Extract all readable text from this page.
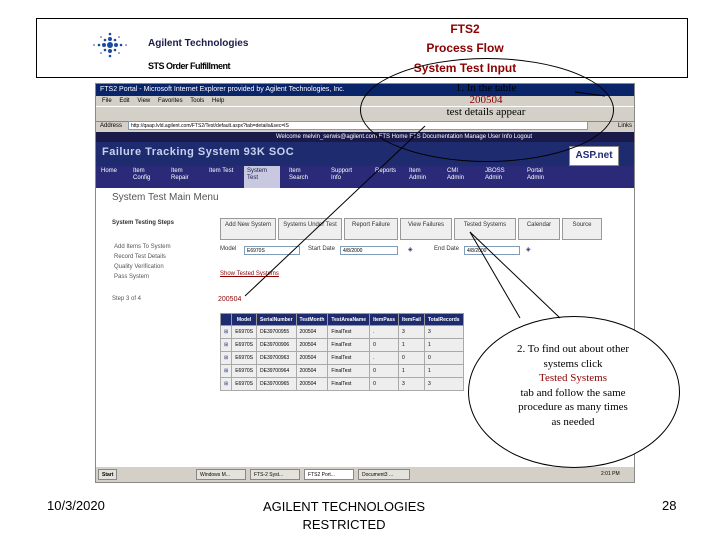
Agilent Technologies
STS Order Fulfillment
FTS2
Process Flow
System Test Input
FTS2 Portal - Microsoft Internet Explorer provided by Agilent Technologies, Inc.
File Edit View Favorites Tools Help
Address	http://qaap.lvld.agilent.com/FTS2/Test/default.aspx?tab=details&sec=IS	Links
Welcome melvin_serwis@agilent.com FTS Home FTS Documentation Manage User Info Logout
Failure Tracking System 93K SOC	ASP.net
Home	Item Config
Item Repair
Item Test	System Test
Item Search
Support Info
Reports	Item Admin
CMI Admin
JBOSS Admin
Portal Admin
System Test Main Menu
System Testing Steps
Add Items To System
Record Test Details
Quality Verification
Pass System
Step 3 of 4
Add New System	Systems Under Test	Report Failure	View Failures	Tested Systems	Calendar	Source
Model	E6970S	Start Date	4/8/2000	◈	End Date	4/8/2000	◈
Show Tested Systems
200504
	Model	SerialNumber	TestMonth	TestAreaName	ItemPass	ItemFail	TotalRecords
⊞	E6970S	DE39700955	200504	FinalTest	.	3	3
⊞	E6970S	DE39700906	200504	FinalTest	0	1	1
⊞	E6970S	DE39700963	200504	FinalTest	.	0	0
⊞	E6970S	DE39700964	200504	FinalTest	0	1	1
⊞	E6970S	DE39700965	200504	FinalTest	0	3	3
Start	Windows M...	FTS-2 Syst...	FTS2 Port...	Document3 ...	2:01 PM
1. In the table
200504
test details appear
2. To find out about other
systems click
Tested Systems
tab and follow the same
procedure as many times
as needed
10/3/2020	AGILENT TECHNOLOGIES
RESTRICTED
28
